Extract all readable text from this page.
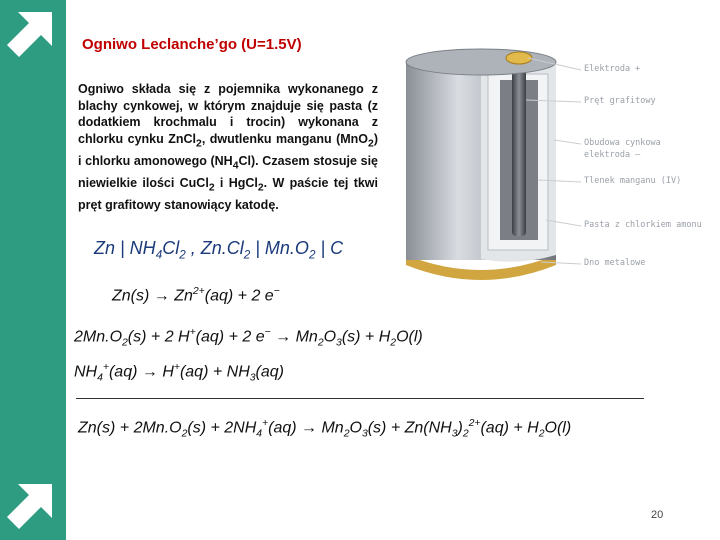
Ogniwo Leclanche’go (U=1.5V)
Ogniwo składa się z pojemnika wykonanego z blachy cynkowej, w którym znajduje się pasta (z dodatkiem krochmalu i trocin) wykonana z chlorku cynku ZnCl$_2$, dwutlenku manganu (MnO$_2$) i chlorku amonowego $(NH_4Cl)$. Czasem stosuje się niewielkie ilości CuCl$_2$ i HgCl$_2$. W paście tej tkwi pręt grafitowy stanowiący katodę.
Elektroda +
Pręt grafitowy
Obudowa cynkowa
elektroda –
Tlenek manganu (IV)
Pasta z chlorkiem amonu
Dno metalowe
Zn | $NH_4Cl_2$ , $Zn.Cl_2$ | $Mn.O_2$ | C
$Zn(s) \to Zn^{2+}(aq) + 2$ e−
$2Mn.O_2(s) + 2$ H+(aq) + 2 $e^- \to Mn_2O_3(s) + H_2O(l)$
$NH_4^+(aq) \to H^+(aq) + NH_3(aq)$
$Zn(s) + 2Mn.O_2(s) + 2NH_4^+(aq) \to Mn_2O_3(s) + Zn(NH_3)_2^{2+}(aq) + H_2O(l)$
20
